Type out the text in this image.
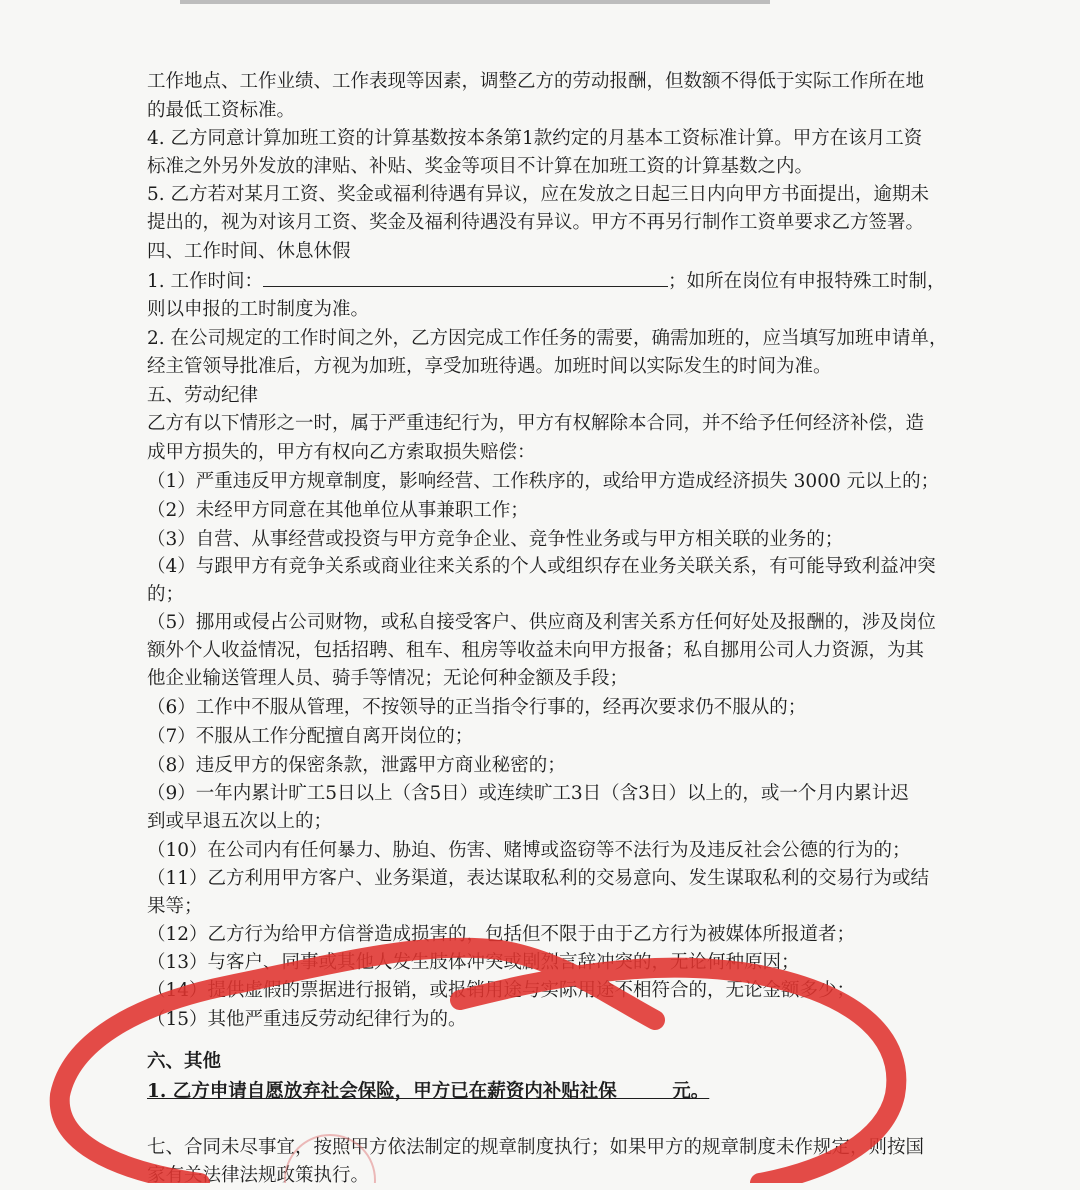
工作地点、工作业绩、工作表现等因素，调整乙方的劳动报酬，但数额不得低于实际工作所在地
的最低工资标准。
4. 乙方同意计算加班工资的计算基数按本条第1款约定的月基本工资标准计算。甲方在该月工资
标准之外另外发放的津贴、补贴、奖金等项目不计算在加班工资的计算基数之内。
5. 乙方若对某月工资、奖金或福利待遇有异议，应在发放之日起三日内向甲方书面提出，逾期未
提出的，视为对该月工资、奖金及福利待遇没有异议。甲方不再另行制作工资单要求乙方签署。
四、工作时间、休息休假
1. 工作时间：	；如所在岗位有申报特殊工时制，
则以申报的工时制度为准。
2. 在公司规定的工作时间之外，乙方因完成工作任务的需要，确需加班的，应当填写加班申请单，
经主管领导批准后，方视为加班，享受加班待遇。加班时间以实际发生的时间为准。
五、劳动纪律
乙方有以下情形之一时，属于严重违纪行为，甲方有权解除本合同，并不给予任何经济补偿，造
成甲方损失的，甲方有权向乙方索取损失赔偿：
（1）严重违反甲方规章制度，影响经营、工作秩序的，或给甲方造成经济损失 3000 元以上的；
（2）未经甲方同意在其他单位从事兼职工作；
（3）自营、从事经营或投资与甲方竞争企业、竞争性业务或与甲方相关联的业务的；
（4）与跟甲方有竞争关系或商业往来关系的个人或组织存在业务关联关系，有可能导致利益冲突
的；
（5）挪用或侵占公司财物，或私自接受客户、供应商及利害关系方任何好处及报酬的，涉及岗位
额外个人收益情况，包括招聘、租车、租房等收益未向甲方报备；私自挪用公司人力资源，为其
他企业输送管理人员、骑手等情况；无论何种金额及手段；
（6）工作中不服从管理，不按领导的正当指令行事的，经再次要求仍不服从的；
（7）不服从工作分配擅自离开岗位的；
（8）违反甲方的保密条款，泄露甲方商业秘密的；
（9）一年内累计旷工5日以上（含5日）或连续旷工3日（含3日）以上的，或一个月内累计迟
到或早退五次以上的；
（10）在公司内有任何暴力、胁迫、伤害、赌博或盗窃等不法行为及违反社会公德的行为的；
（11）乙方利用甲方客户、业务渠道，表达谋取私利的交易意向、发生谋取私利的交易行为或结
果等；
（12）乙方行为给甲方信誉造成损害的，包括但不限于由于乙方行为被媒体所报道者；
（13）与客户、同事或其他人发生肢体冲突或剧烈言辞冲突的，无论何种原因；
（14）提供虚假的票据进行报销，或报销用途与实际用途不相符合的，无论金额多少；
（15）其他严重违反劳动纪律行为的。
六、其他
1. 乙方申请自愿放弃社会保险，甲方已在薪资内补贴社保　　　元。
七、合同未尽事宜，按照甲方依法制定的规章制度执行；如果甲方的规章制度未作规定，则按国
家有关法律法规政策执行。
